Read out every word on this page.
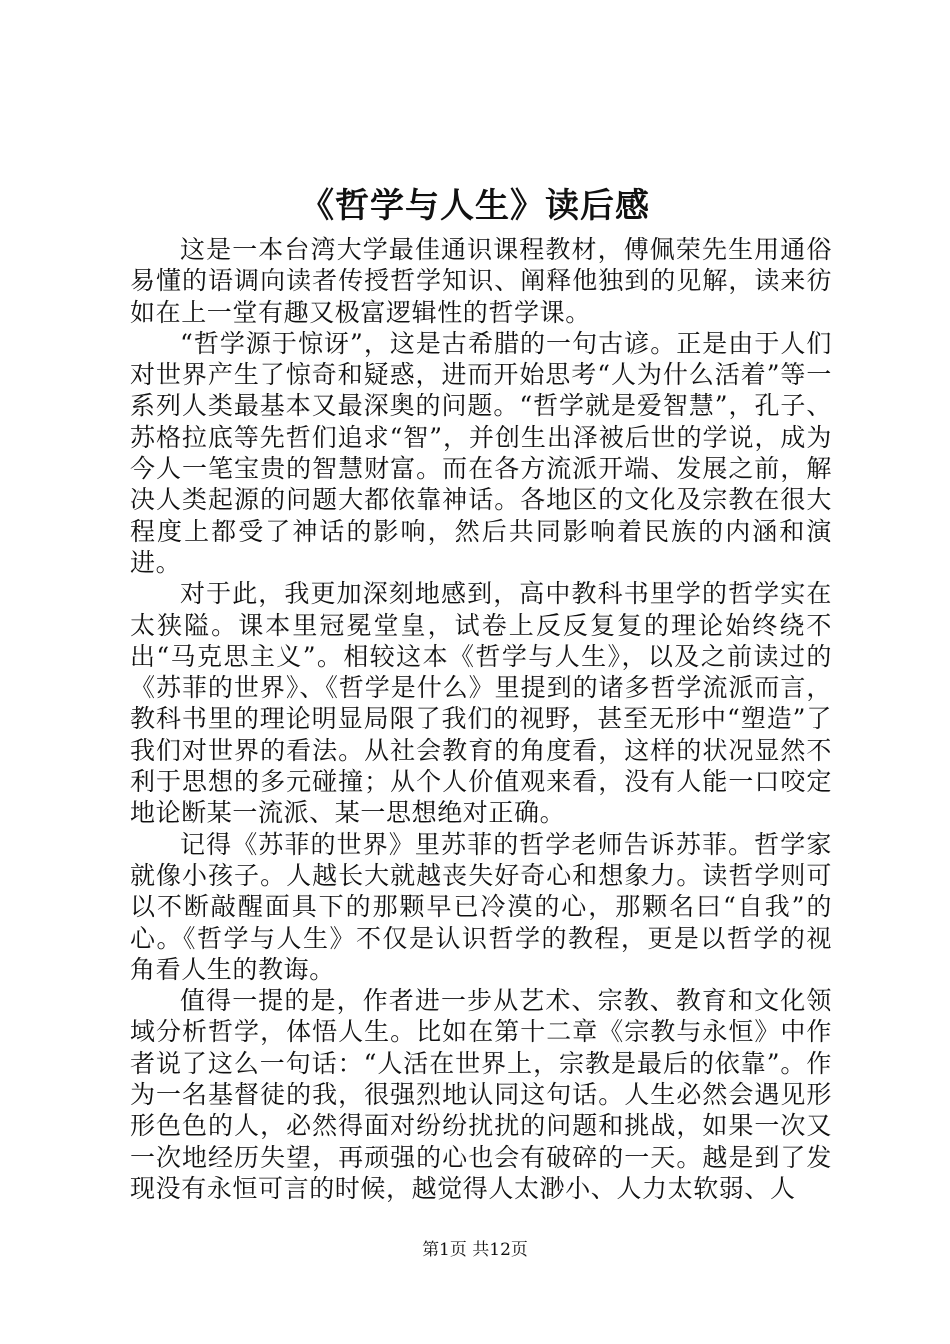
《哲学与人生》读后感

这是一本台湾大学最佳通识课程教材，傅佩荣先生用通俗易懂的语调向读者传授哲学知识、阐释他独到的见解，读来彷如在上一堂有趣又极富逻辑性的哲学课。

“哲学源于惊讶”，这是古希腊的一句古谚。正是由于人们对世界产生了惊奇和疑惑，进而开始思考“人为什么活着”等一系列人类最基本又最深奥的问题。“哲学就是爱智慧”，孔子、苏格拉底等先哲们追求“智”，并创生出泽被后世的学说，成为今人一笔宝贵的智慧财富。而在各方流派开端、发展之前，解决人类起源的问题大都依靠神话。各地区的文化及宗教在很大程度上都受了神话的影响，然后共同影响着民族的内涵和演进。

对于此，我更加深刻地感到，高中教科书里学的哲学实在太狭隘。课本里冠冕堂皇，试卷上反反复复的理论始终绕不出“马克思主义”。相较这本《哲学与人生》，以及之前读过的《苏菲的世界》、《哲学是什么》里提到的诸多哲学流派而言，教科书里的理论明显局限了我们的视野，甚至无形中“塑造”了我们对世界的看法。从社会教育的角度看，这样的状况显然不利于思想的多元碰撞；从个人价值观来看，没有人能一口咬定地论断某一流派、某一思想绝对正确。

记得《苏菲的世界》里苏菲的哲学老师告诉苏菲。哲学家就像小孩子。人越长大就越丧失好奇心和想象力。读哲学则可以不断敲醒面具下的那颗早已冷漠的心，那颗名曰“自我”的心。《哲学与人生》不仅是认识哲学的教程，更是以哲学的视角看人生的教诲。

值得一提的是，作者进一步从艺术、宗教、教育和文化领域分析哲学，体悟人生。比如在第十二章《宗教与永恒》中作者说了这么一句话：“人活在世界上，宗教是最后的依靠”。作为一名基督徒的我，很强烈地认同这句话。人生必然会遇见形形色色的人，必然得面对纷纷扰扰的问题和挑战，如果一次又一次地经历失望，再顽强的心也会有破碎的一天。越是到了发现没有永恒可言的时候，越觉得人太渺小、人力太软弱、人

第1页 共12页
